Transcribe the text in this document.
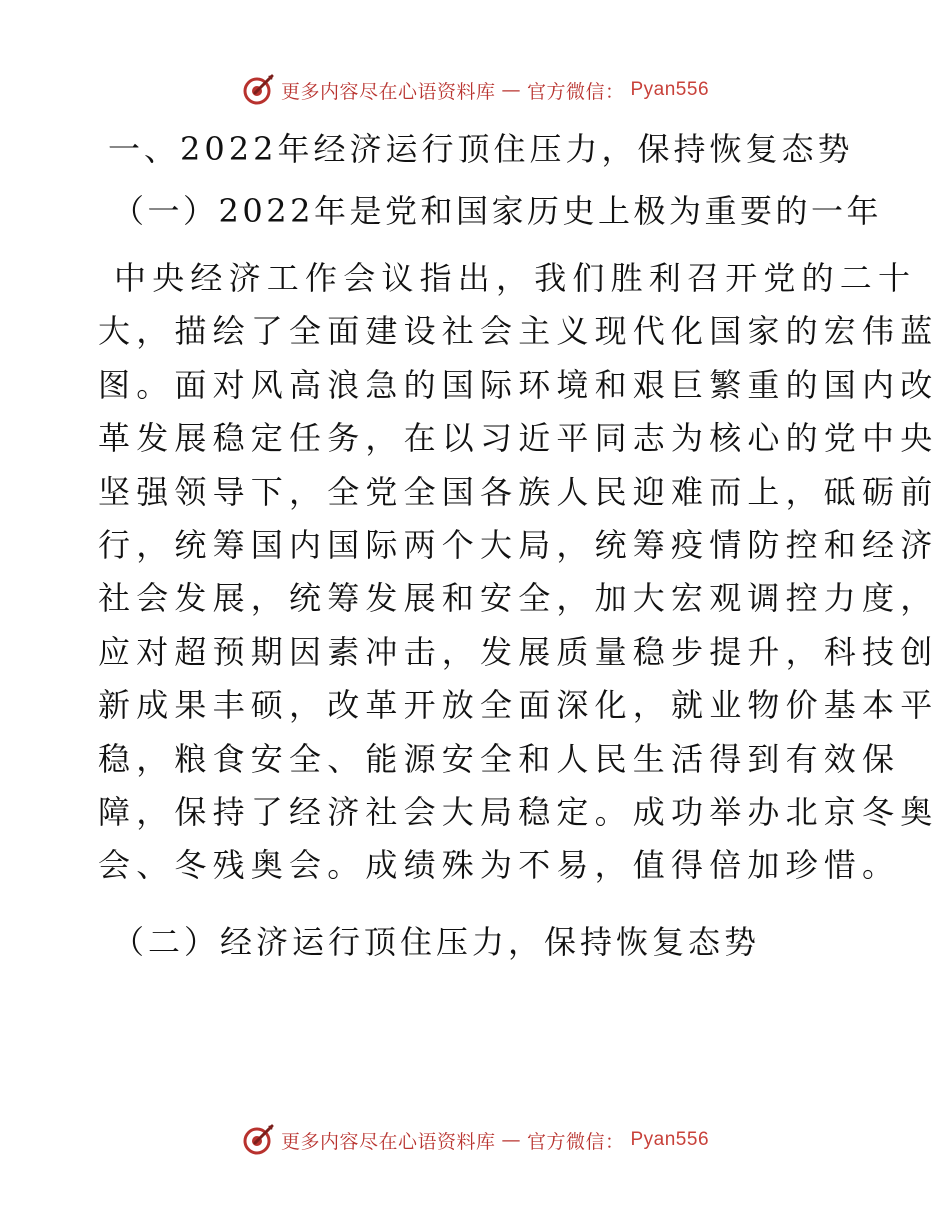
更多内容尽在心语资料库 — 官方微信： Pyan556
一、2022年经济运行顶住压力，保持恢复态势
（一）2022年是党和国家历史上极为重要的一年
中央经济工作会议指出，我们胜利召开党的二十
大，描绘了全面建设社会主义现代化国家的宏伟蓝
图。面对风高浪急的国际环境和艰巨繁重的国内改
革发展稳定任务，在以习近平同志为核心的党中央
坚强领导下，全党全国各族人民迎难而上，砥砺前
行，统筹国内国际两个大局，统筹疫情防控和经济
社会发展，统筹发展和安全，加大宏观调控力度，
应对超预期因素冲击，发展质量稳步提升，科技创
新成果丰硕，改革开放全面深化，就业物价基本平
稳，粮食安全、能源安全和人民生活得到有效保
障，保持了经济社会大局稳定。成功举办北京冬奥
会、冬残奥会。成绩殊为不易，值得倍加珍惜。
（二）经济运行顶住压力，保持恢复态势
更多内容尽在心语资料库 — 官方微信： Pyan556
